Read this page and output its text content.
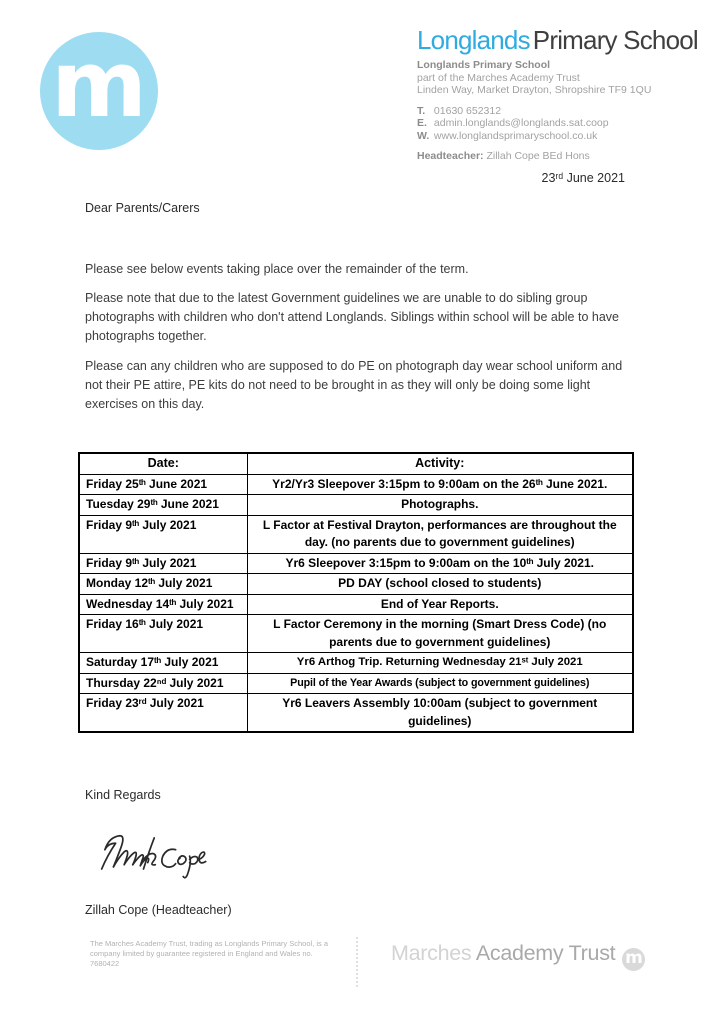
m	Longlands Primary School
Longlands Primary School
part of the Marches Academy Trust
Linden Way, Market Drayton, Shropshire TF9 1QU
T. 01630 652312
E. admin.longlands@longlands.sat.coop
W. www.longlandsprimaryschool.co.uk
Headteacher: Zillah Cope BEd Hons
23ʳᵈ June 2021
Dear Parents/Carers
Please see below events taking place over the remainder of the term.
Please note that due to the latest Government guidelines we are unable to do sibling group photographs with children who don't attend Longlands. Siblings within school will be able to have photographs together.
Please can any children who are supposed to do PE on photograph day wear school uniform and not their PE attire, PE kits do not need to be brought in as they will only be doing some light exercises on this day.
Date:	Activity:
Friday 25ᵗʰ June 2021	Yr2/Yr3 Sleepover 3:15pm to 9:00am on the 26ᵗʰ June 2021.
Tuesday 29ᵗʰ June 2021	Photographs.
Friday 9ᵗʰ July 2021	L Factor at Festival Drayton, performances are throughout the day. (no parents due to government guidelines)
Friday 9ᵗʰ July 2021	Yr6 Sleepover 3:15pm to 9:00am on the 10ᵗʰ July 2021.
Monday 12ᵗʰ July 2021	PD DAY (school closed to students)
Wednesday 14ᵗʰ July 2021	End of Year Reports.
Friday 16ᵗʰ July 2021	L Factor Ceremony in the morning (Smart Dress Code) (no parents due to government guidelines)
Saturday 17ᵗʰ July 2021	Yr6 Arthog Trip. Returning Wednesday 21ˢᵗ July 2021
Thursday 22ⁿᵈ July 2021	Pupil of the Year Awards (subject to government guidelines)
Friday 23ʳᵈ July 2021	Yr6 Leavers Assembly 10:00am (subject to government guidelines)
Kind Regards
Zillah Cope (Headteacher)
The Marches Academy Trust, trading as Longlands Primary School, is a company limited by guarantee registered in England and Wales no. 7680422	Marches Academy Trust m
